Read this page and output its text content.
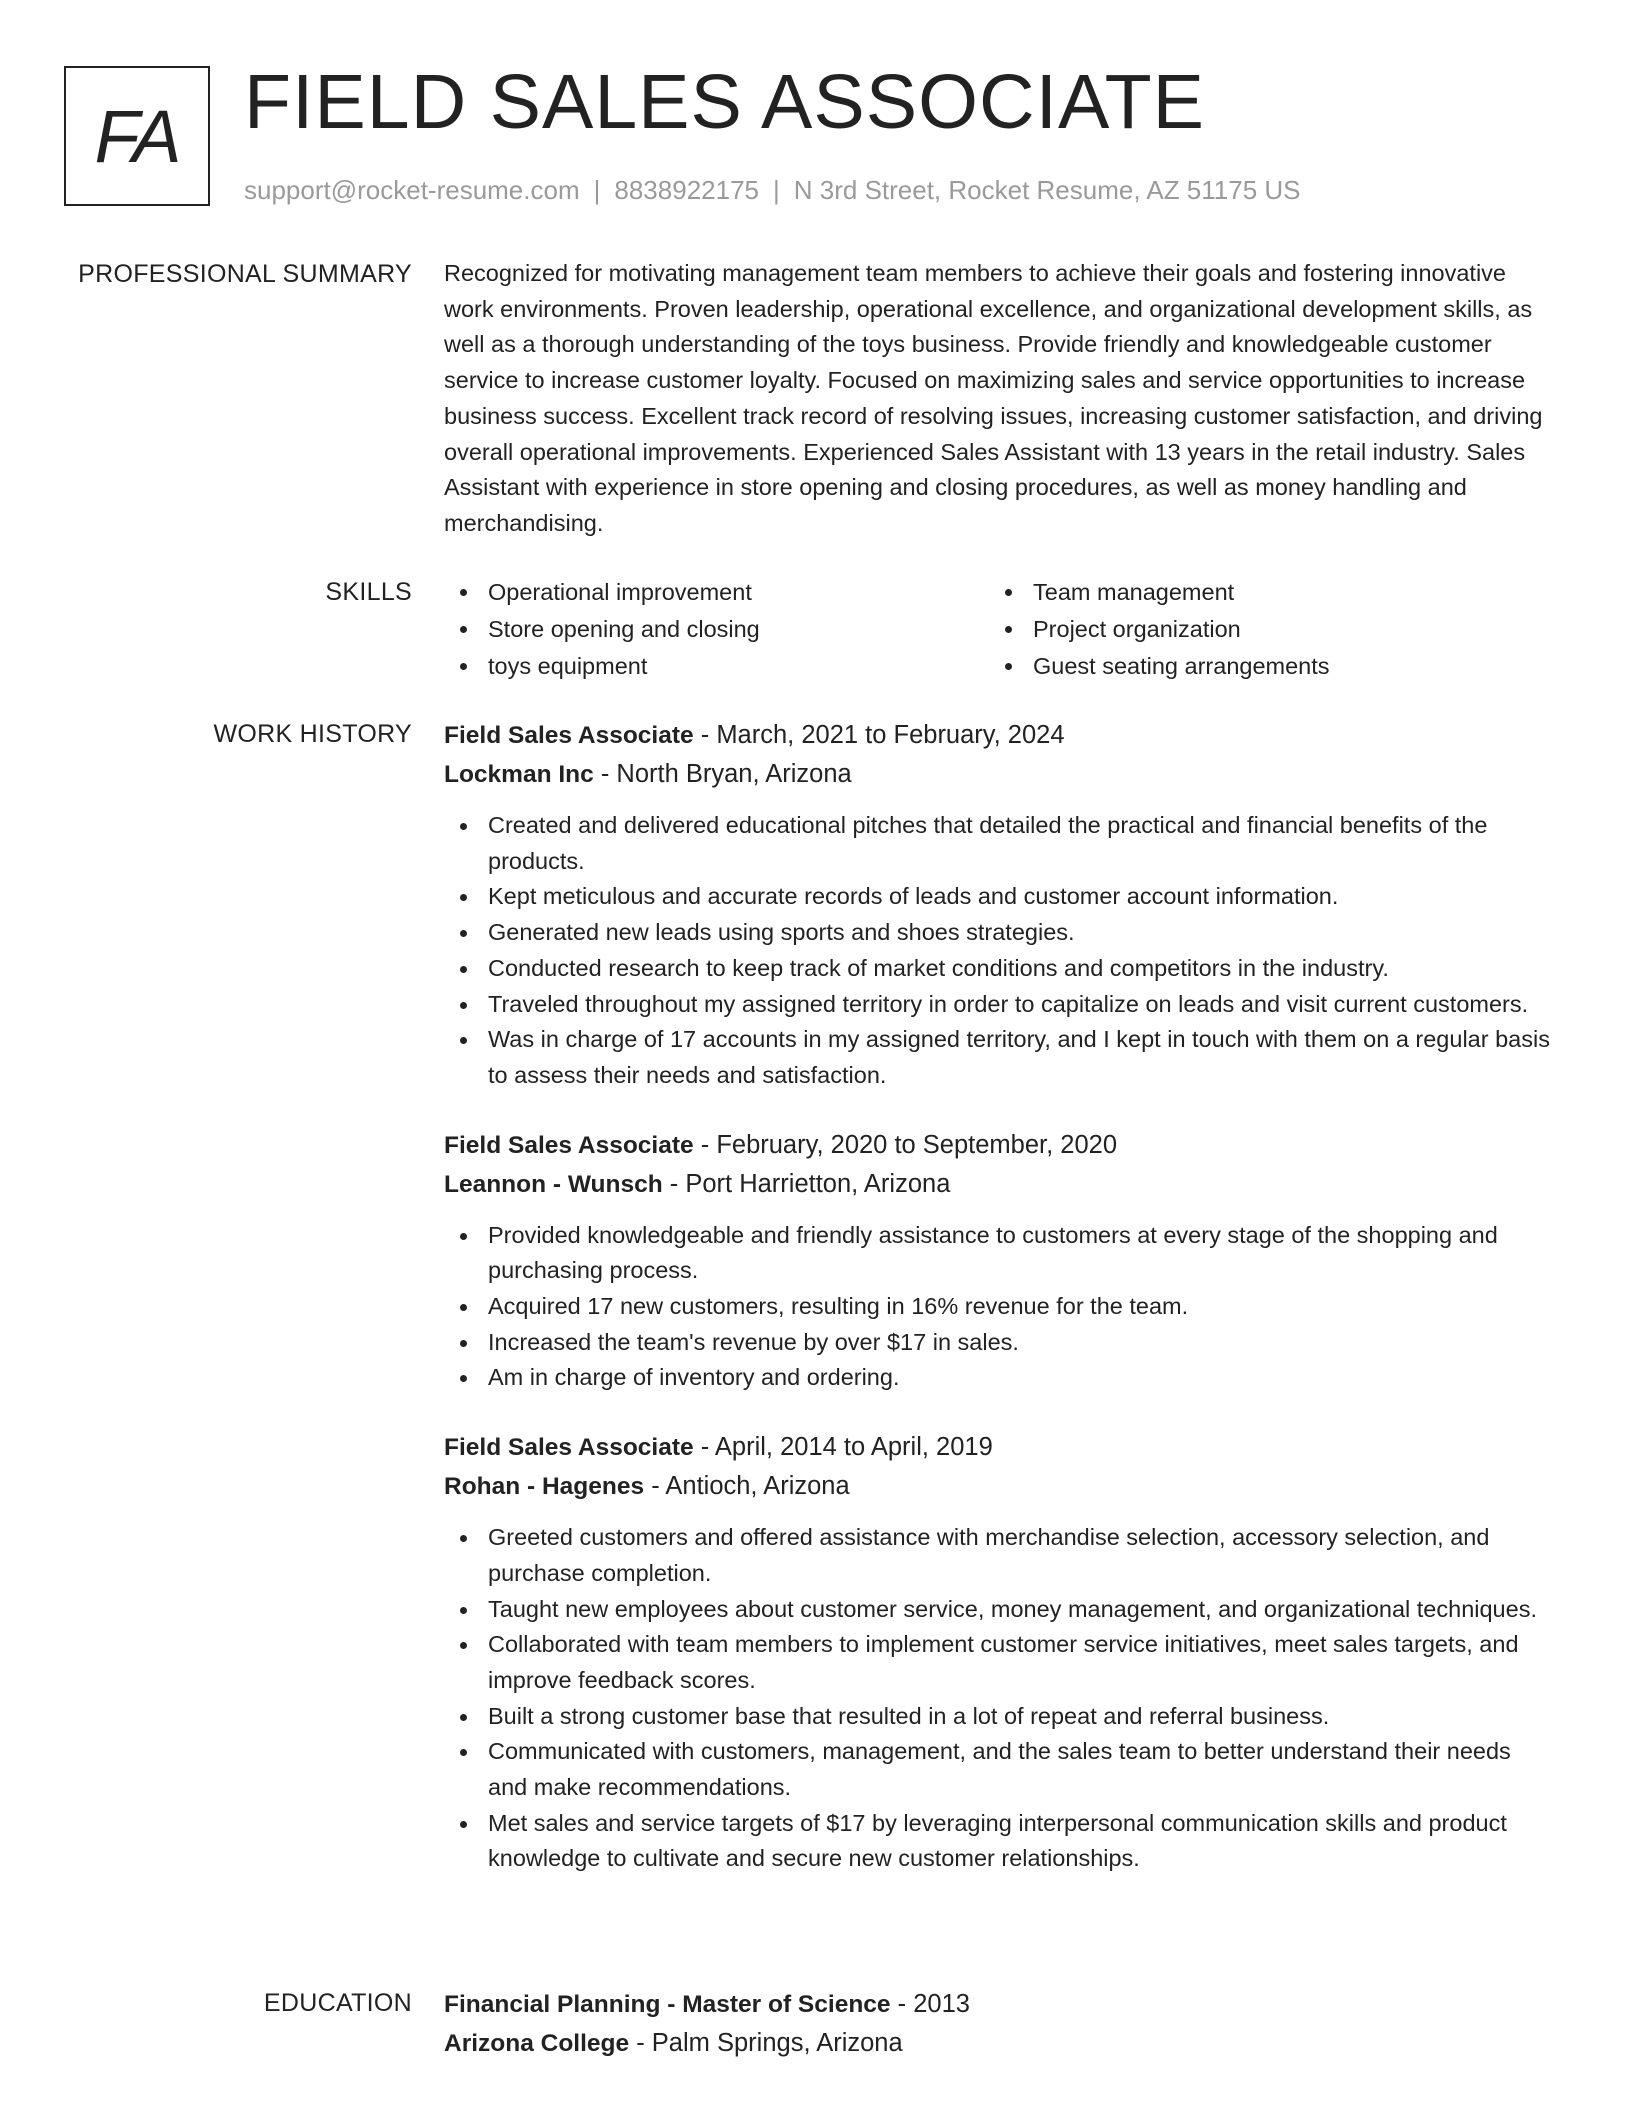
FA FIELD SALES ASSOCIATE
support@rocket-resume.com | 8838922175 | N 3rd Street, Rocket Resume, AZ 51175 US
PROFESSIONAL SUMMARY Recognized for motivating management team members to achieve their goals and fostering innovative work environments. Proven leadership, operational excellence, and organizational development skills, as well as a thorough understanding of the toys business. Provide friendly and knowledgeable customer service to increase customer loyalty. Focused on maximizing sales and service opportunities to increase business success. Excellent track record of resolving issues, increasing customer satisfaction, and driving overall operational improvements. Experienced Sales Assistant with 13 years in the retail industry. Sales Assistant with experience in store opening and closing procedures, as well as money handling and merchandising.

SKILLS	Operational improvement
Store opening and closing
toys equipment
Team management
Project organization
Guest seating arrangements
WORK HISTORY Field Sales Associate - March, 2021 to February, 2024
Lockman Inc - North Bryan, Arizona
Created and delivered educational pitches that detailed the practical and financial benefits of the products.
Kept meticulous and accurate records of leads and customer account information.
Generated new leads using sports and shoes strategies.
Conducted research to keep track of market conditions and competitors in the industry.
Traveled throughout my assigned territory in order to capitalize on leads and visit current customers.
Was in charge of 17 accounts in my assigned territory, and I kept in touch with them on a regular basis to assess their needs and satisfaction.
Field Sales Associate - February, 2020 to September, 2020
Leannon - Wunsch - Port Harrietton, Arizona
Provided knowledgeable and friendly assistance to customers at every stage of the shopping and purchasing process.
Acquired 17 new customers, resulting in 16% revenue for the team.
Increased the team's revenue by over $17 in sales.
Am in charge of inventory and ordering.
Field Sales Associate - April, 2014 to April, 2019
Rohan - Hagenes - Antioch, Arizona
Greeted customers and offered assistance with merchandise selection, accessory selection, and purchase completion.
Taught new employees about customer service, money management, and organizational techniques.
Collaborated with team members to implement customer service initiatives, meet sales targets, and improve feedback scores.
Built a strong customer base that resulted in a lot of repeat and referral business.
Communicated with customers, management, and the sales team to better understand their needs and make recommendations.
Met sales and service targets of $17 by leveraging interpersonal communication skills and product knowledge to cultivate and secure new customer relationships.
EDUCATION Financial Planning - Master of Science - 2013
Arizona College - Palm Springs, Arizona
